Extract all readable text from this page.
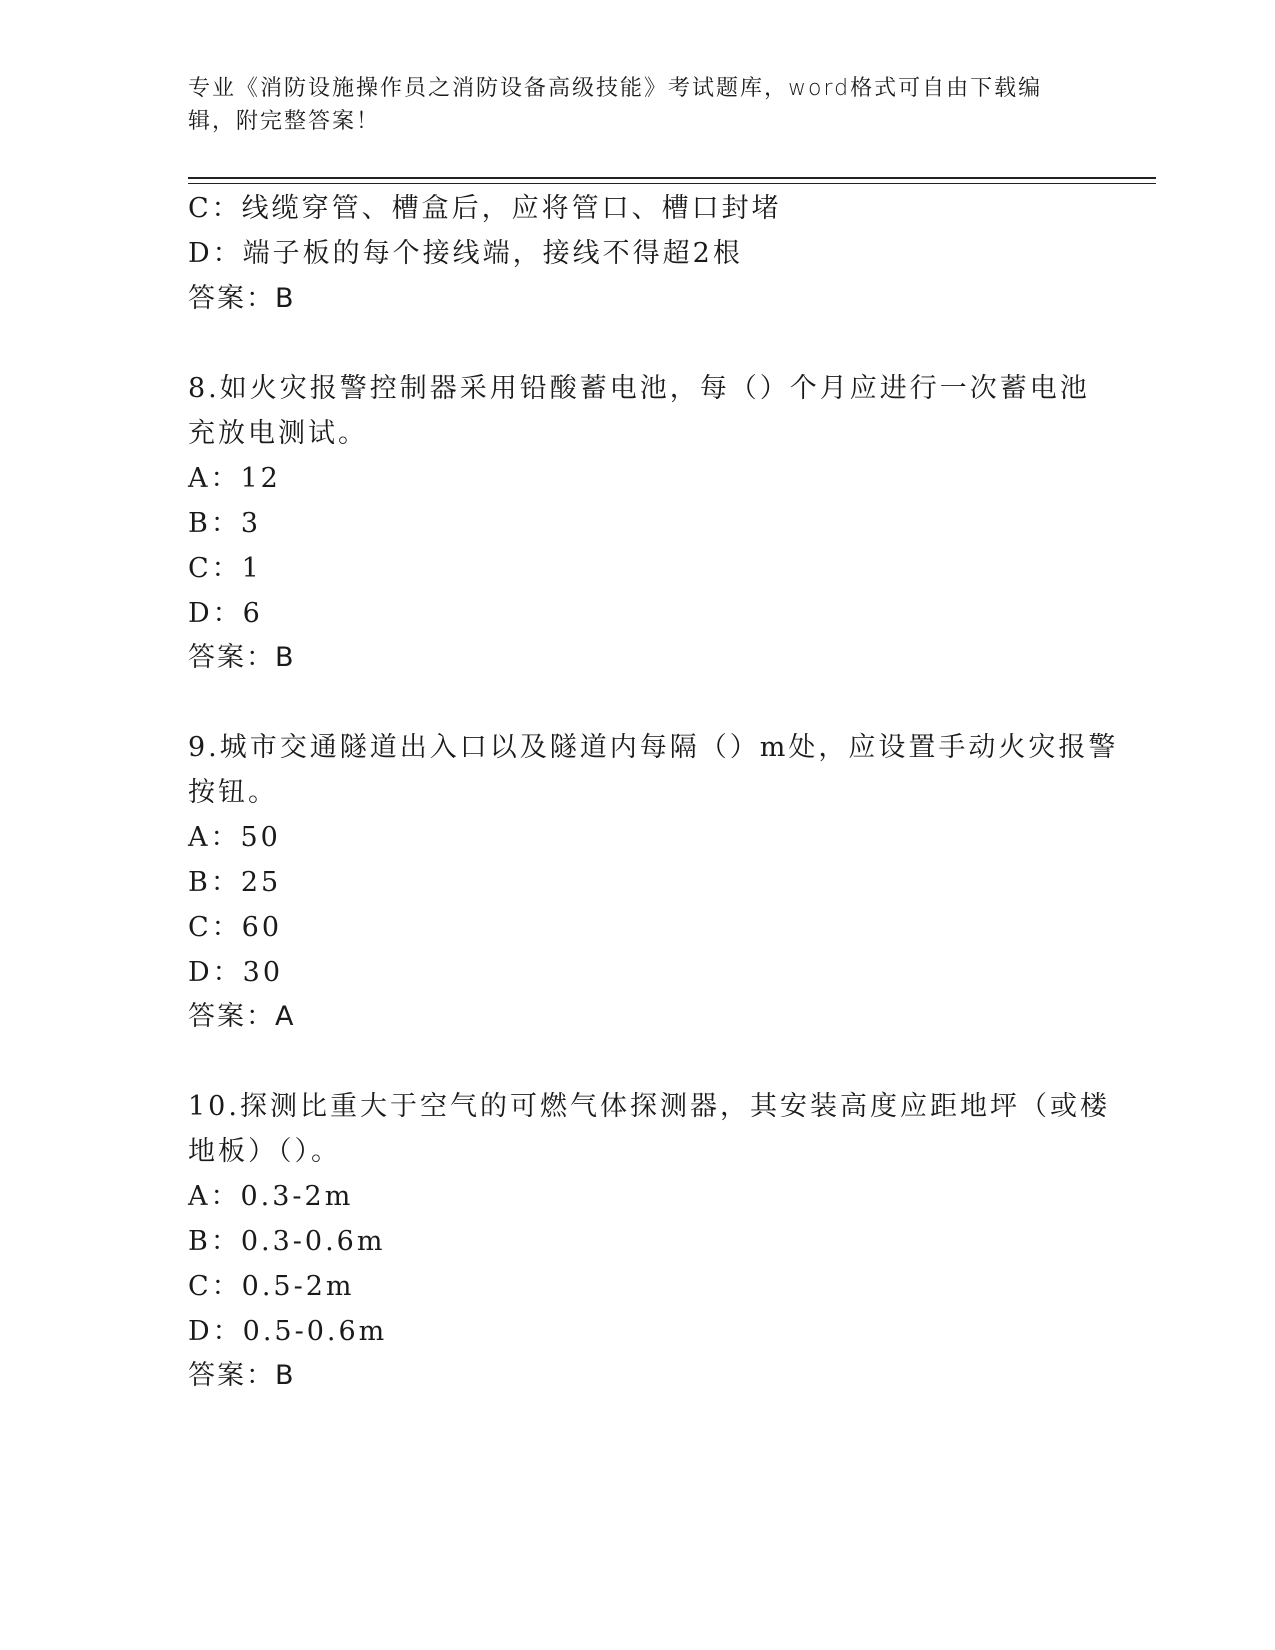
专业《消防设施操作员之消防设备高级技能》考试题库，word格式可自由下载编
辑，附完整答案！
C：线缆穿管、槽盒后，应将管口、槽口封堵
D：端子板的每个接线端，接线不得超2根
答案：B
8.如火灾报警控制器采用铅酸蓄电池，每（）个月应进行一次蓄电池
充放电测试。
A：12
B：3
C：1
D：6
答案：B
9.城市交通隧道出入口以及隧道内每隔（）m处，应设置手动火灾报警
按钮。
A：50
B：25
C：60
D：30
答案：A
10.探测比重大于空气的可燃气体探测器，其安装高度应距地坪（或楼
地板）（）。
A：0.3-2m
B：0.3-0.6m
C：0.5-2m
D：0.5-0.6m
答案：B
